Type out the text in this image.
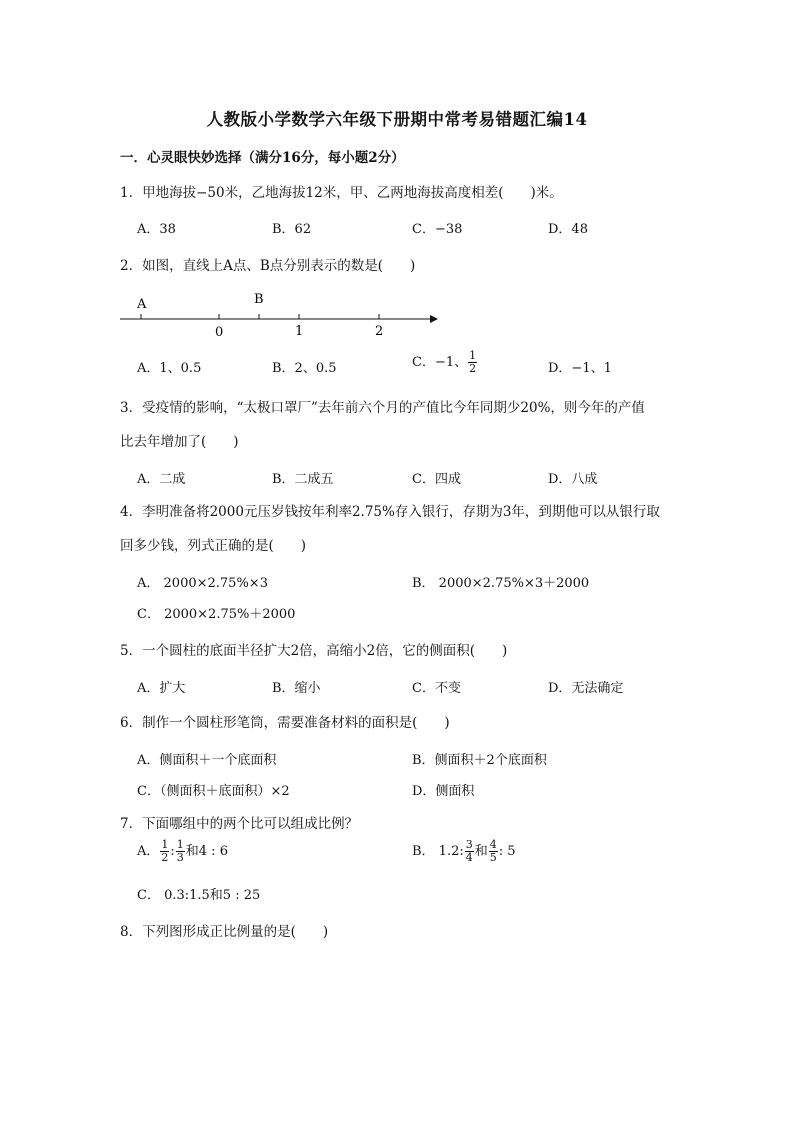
人教版小学数学六年级下册期中常考易错题汇编14
一．心灵眼快妙选择（满分16分，每小题2分）
1．甲地海拔−50米，乙地海拔12米，甲、乙两地海拔高度相差(　　)米。
A．38	B．62	C．−38	D．48
2．如图，直线上A点、B点分别表示的数是(　　)
A	B
0	1	2
A．1、0.5	B．2、0.5	C．−1、 $\frac{1}{2}$	D．−1、1
3．受疫情的影响，“太极口罩厂”去年前六个月的产值比今年同期少20%，则今年的产值
比去年增加了(　　)
A．二成	B．二成五	C．四成	D．八成
4．李明准备将2000元压岁钱按年利率2.75%存入银行，存期为3年，到期他可以从银行取
回多少钱，列式正确的是(　　)
A． 2000×2.75%×3	B． 2000×2.75%×3＋2000
C． 2000×2.75%＋2000
5．一个圆柱的底面半径扩大2倍，高缩小2倍，它的侧面积(　　)
A．扩大	B．缩小	C．不变	D．无法确定
6．制作一个圆柱形笔筒，需要准备材料的面积是(　　)
A．侧面积＋一个底面积	B．侧面积＋2个底面积
C．（侧面积＋底面积）×2	D．侧面积
7．下面哪组中的两个比可以组成比例？
A． $\frac{1}{2}$ : $\frac{1}{3}$ 和4 : 6	B． 1.2: $\frac{3}{4}$ 和 $\frac{4}{5}$ : 5
C． 0.3:1.5和5 : 25
8．下列图形成正比例量的是(　　)
